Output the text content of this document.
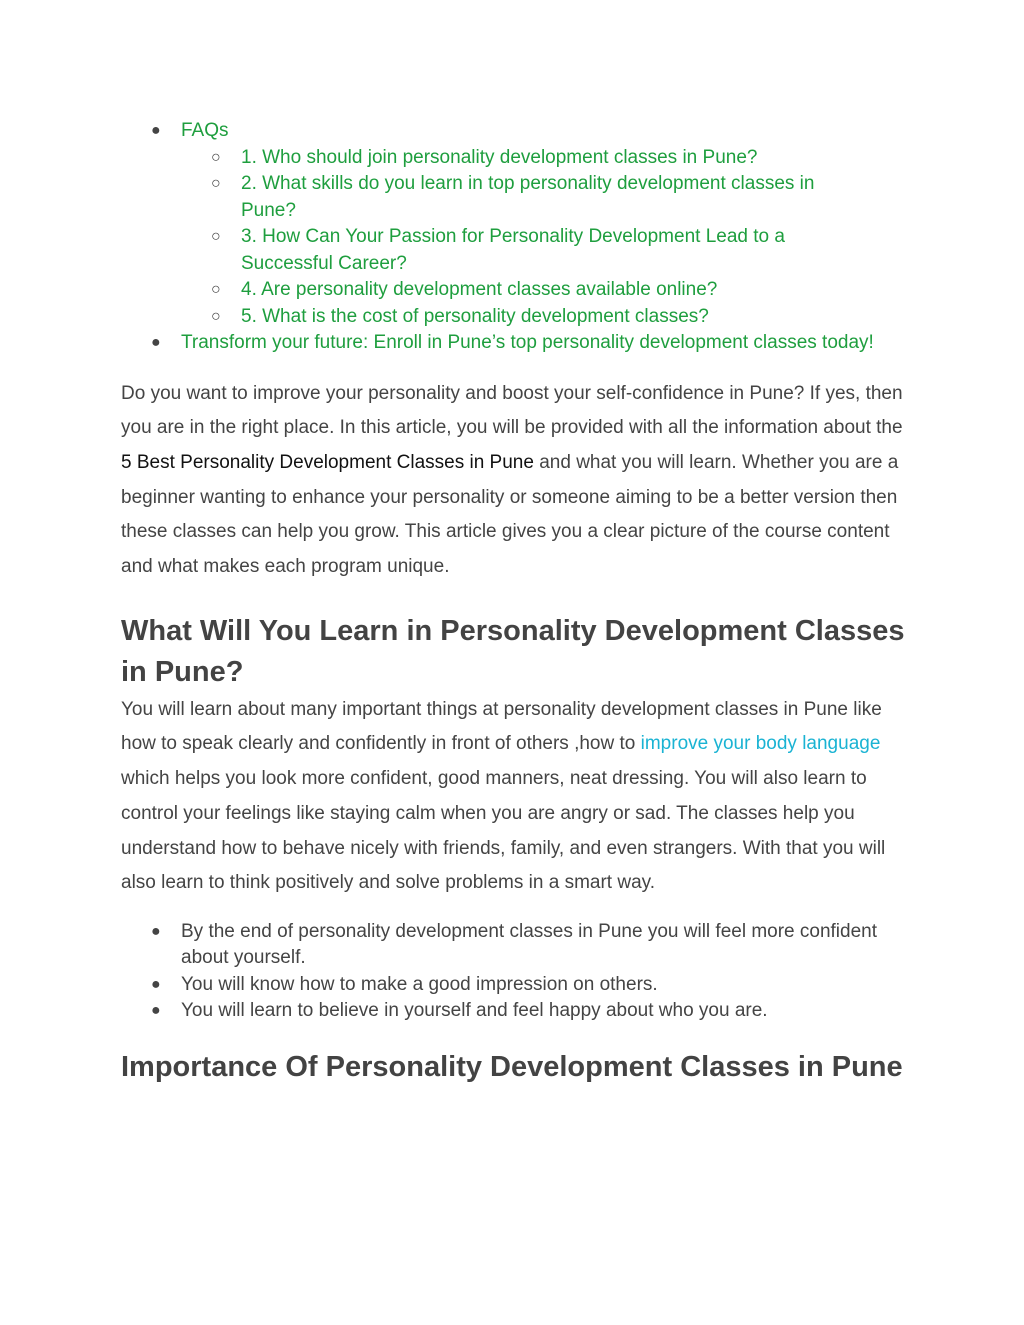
● FAQs
○ 1. Who should join personality development classes in Pune?
○ 2. What skills do you learn in top personality development classes in Pune?
○ 3. How Can Your Passion for Personality Development Lead to a Successful Career?
○ 4. Are personality development classes available online?
○ 5. What is the cost of personality development classes?
● Transform your future: Enroll in Pune’s top personality development classes today!

Do you want to improve your personality and boost your self-confidence in Pune? If yes, then you are in the right place. In this article, you will be provided with all the information about the 5 Best Personality Development Classes in Pune and what you will learn. Whether you are a beginner wanting to enhance your personality or someone aiming to be a better version then these classes can help you grow. This article gives you a clear picture of the course content and what makes each program unique.

What Will You Learn in Personality Development Classes in Pune?

You will learn about many important things at personality development classes in Pune like how to speak clearly and confidently in front of others ,how to improve your body language which helps you look more confident, good manners, neat dressing. You will also learn to control your feelings like staying calm when you are angry or sad. The classes help you understand how to behave nicely with friends, family, and even strangers. With that you will also learn to think positively and solve problems in a smart way.

● By the end of personality development classes in Pune you will feel more confident about yourself.
● You will know how to make a good impression on others.
● You will learn to believe in yourself and feel happy about who you are.
Importance Of Personality Development Classes in Pune
